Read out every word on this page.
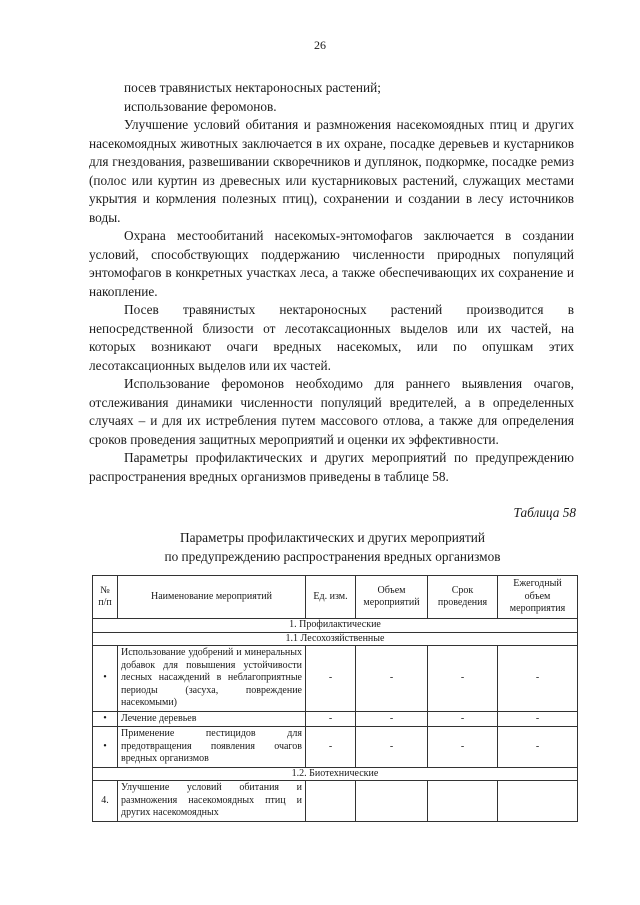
26

посев травянистых нектароносных растений;

использование феромонов.

Улучшение условий обитания и размножения насекомоядных птиц и других насекомоядных животных заключается в их охране, посадке деревьев и кустарников для гнездования, развешивании скворечников и дуплянок, подкормке, посадке ремиз (полос или куртин из древесных или кустарниковых растений, служащих местами укрытия и кормления полезных птиц), сохранении и создании в лесу источников воды.

Охрана местообитаний насекомых-энтомофагов заключается в создании условий, способствующих поддержанию численности природных популяций энтомофагов в конкретных участках леса, а также обеспечивающих их сохранение и накопление.

Посев травянистых нектароносных растений производится в непосредственной близости от лесотаксационных выделов или их частей, на которых возникают очаги вредных насекомых, или по опушкам этих лесотаксационных выделов или их частей.

Использование феромонов необходимо для раннего выявления очагов, отслеживания динамики численности популяций вредителей, а в определенных случаях – и для их истребления путем массового отлова, а также для определения сроков проведения защитных мероприятий и оценки их эффективности.

Параметры профилактических и других мероприятий по предупреждению распространения вредных организмов приведены в таблице 58.

Таблица 58
Параметры профилактических и других мероприятий
по предупреждению распространения вредных организмов
№ п/п	Наименование мероприятий	Ед. изм.	Объем мероприятий	Срок проведения	Ежегодный объем мероприятия
1. Профилактические					
1.1 Лесохозяйственные					
•	Использование удобрений и минеральных добавок для повышения устойчивости лесных насаждений в неблагоприятные периоды (засуха, повреждение насекомыми)	-	-	-	-
•	Лечение деревьев	-	-	-	-
•	Применение пестицидов для предотвращения появления очагов вредных организмов	-	-	-	-
1.2. Биотехнические					
4.	Улучшение условий обитания и размножения насекомоядных птиц и других насекомоядных				
